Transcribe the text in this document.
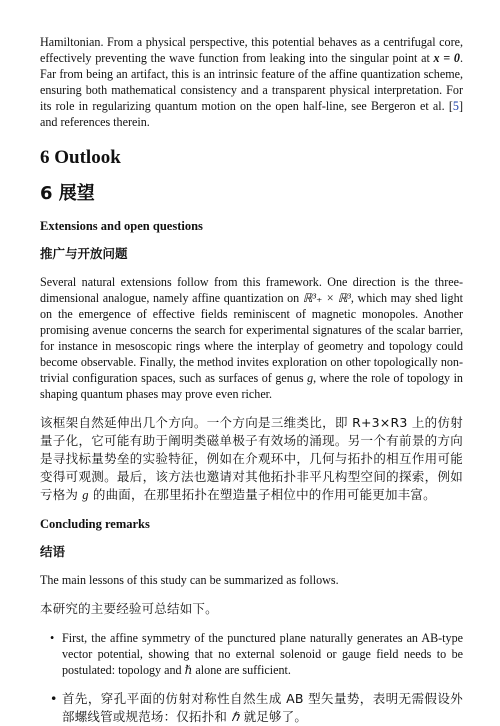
Hamiltonian. From a physical perspective, this potential behaves as a centrifugal core, effectively preventing the wave function from leaking into the singular point at x = 0. Far from being an artifact, this is an intrinsic feature of the affine quantization scheme, ensuring both mathematical consistency and a transparent physical interpretation. For its role in regularizing quantum motion on the open half-line, see Bergeron et al. [5] and references therein.

6 Outlook
6 展望
Extensions and open questions
推广与开放问题

Several natural extensions follow from this framework. One direction is the three-dimensional analogue, namely affine quantization on ℝ³₊ × ℝ³, which may shed light on the emergence of effective fields reminiscent of magnetic monopoles. Another promising avenue concerns the search for experimental signatures of the scalar barrier, for instance in mesoscopic rings where the interplay of geometry and topology could become observable. Finally, the method invites exploration on other topologically non-trivial configuration spaces, such as surfaces of genus g, where the role of topology in shaping quantum phases may prove even richer.

该框架自然延伸出几个方向。一个方向是三维类比，即 R+3×R3 上的仿射量子化，它可能有助于阐明类磁单极子有效场的涌现。另一个有前景的方向是寻找标量势垒的实验特征，例如在介观环中，几何与拓扑的相互作用可能变得可观测。最后，该方法也邀请对其他拓扑非平凡构型空间的探索，例如亏格为 g 的曲面，在那里拓扑在塑造量子相位中的作用可能更加丰富。

Concluding remarks
结语

The main lessons of this study can be summarized as follows.

本研究的主要经验可总结如下。

• First, the affine symmetry of the punctured plane naturally generates an AB-type vector potential, showing that no external solenoid or gauge field needs to be postulated: topology and ℏ alone are sufficient.
• 首先，穿孔平面的仿射对称性自然生成 AB 型矢量势，表明无需假设外部螺线管或规范场：仅拓扑和 ℏ 就足够了。
